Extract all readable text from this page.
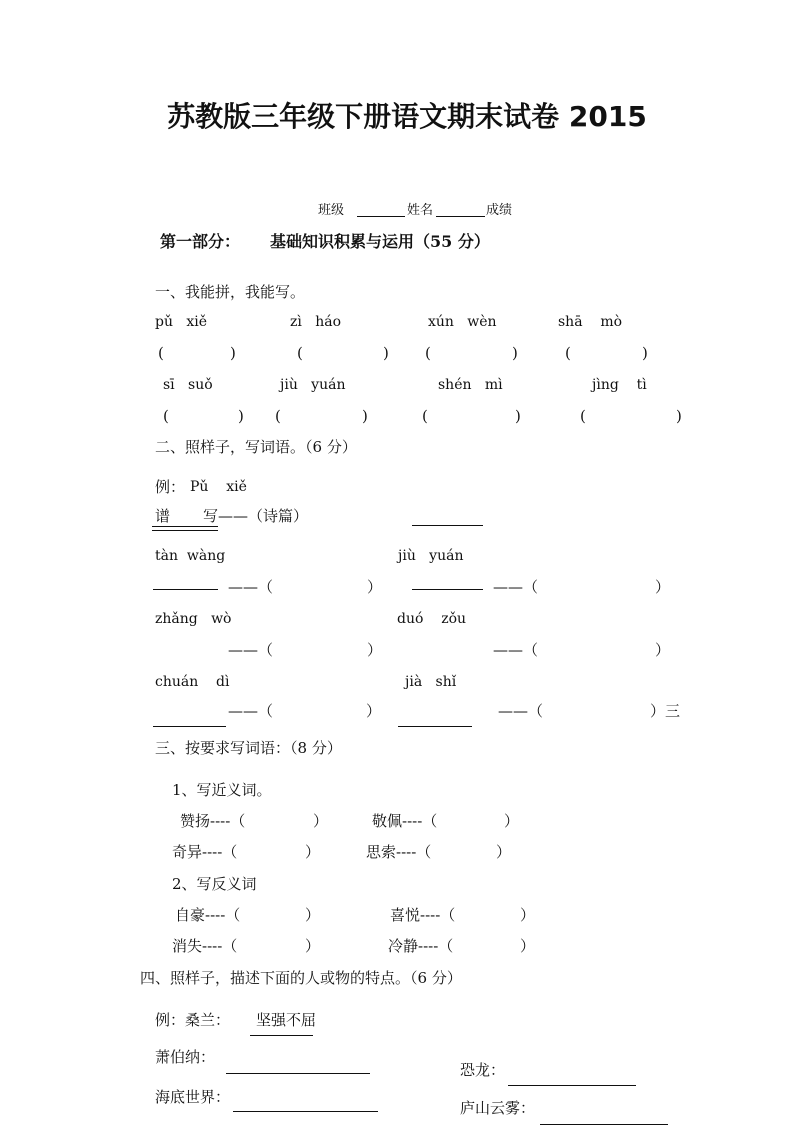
苏教版三年级下册语文期末试卷 2015
班级	姓名	成绩
第一部分： 基础知识积累与运用（55 分）
一、我能拼，我能写。
pǔ   xiě	zì   háo	xún   wèn	shā    mò
(	)	(	) (	)	(	)
sī   suǒ	jiù   yuán	shén   mì	jìng    tì
(	) (	)	(	)	(	)
二、照样子，写词语。（6 分）
例： Pǔ    xiě
谱 写——（诗篇）
tàn  wàng	jiù   yuán
——（	）	——（	）
zhǎng   wò	duó    zǒu
——（	）	——（	）
chuán    dì	jià   shǐ
——（	）	——（	）三
三、按要求写词语：（8 分）
1、写近义词。
赞扬----（	）	敬佩----（	）
奇异----（	）	思索----（	）
2、写反义词
自豪----（	）	喜悦----（	）
消失----（	）	冷静----（	）
四、照样子，描述下面的人或物的特点。（6 分）
例：桑兰： 坚强不屈
萧伯纳：
恐龙：
海底世界：
庐山云雾：
